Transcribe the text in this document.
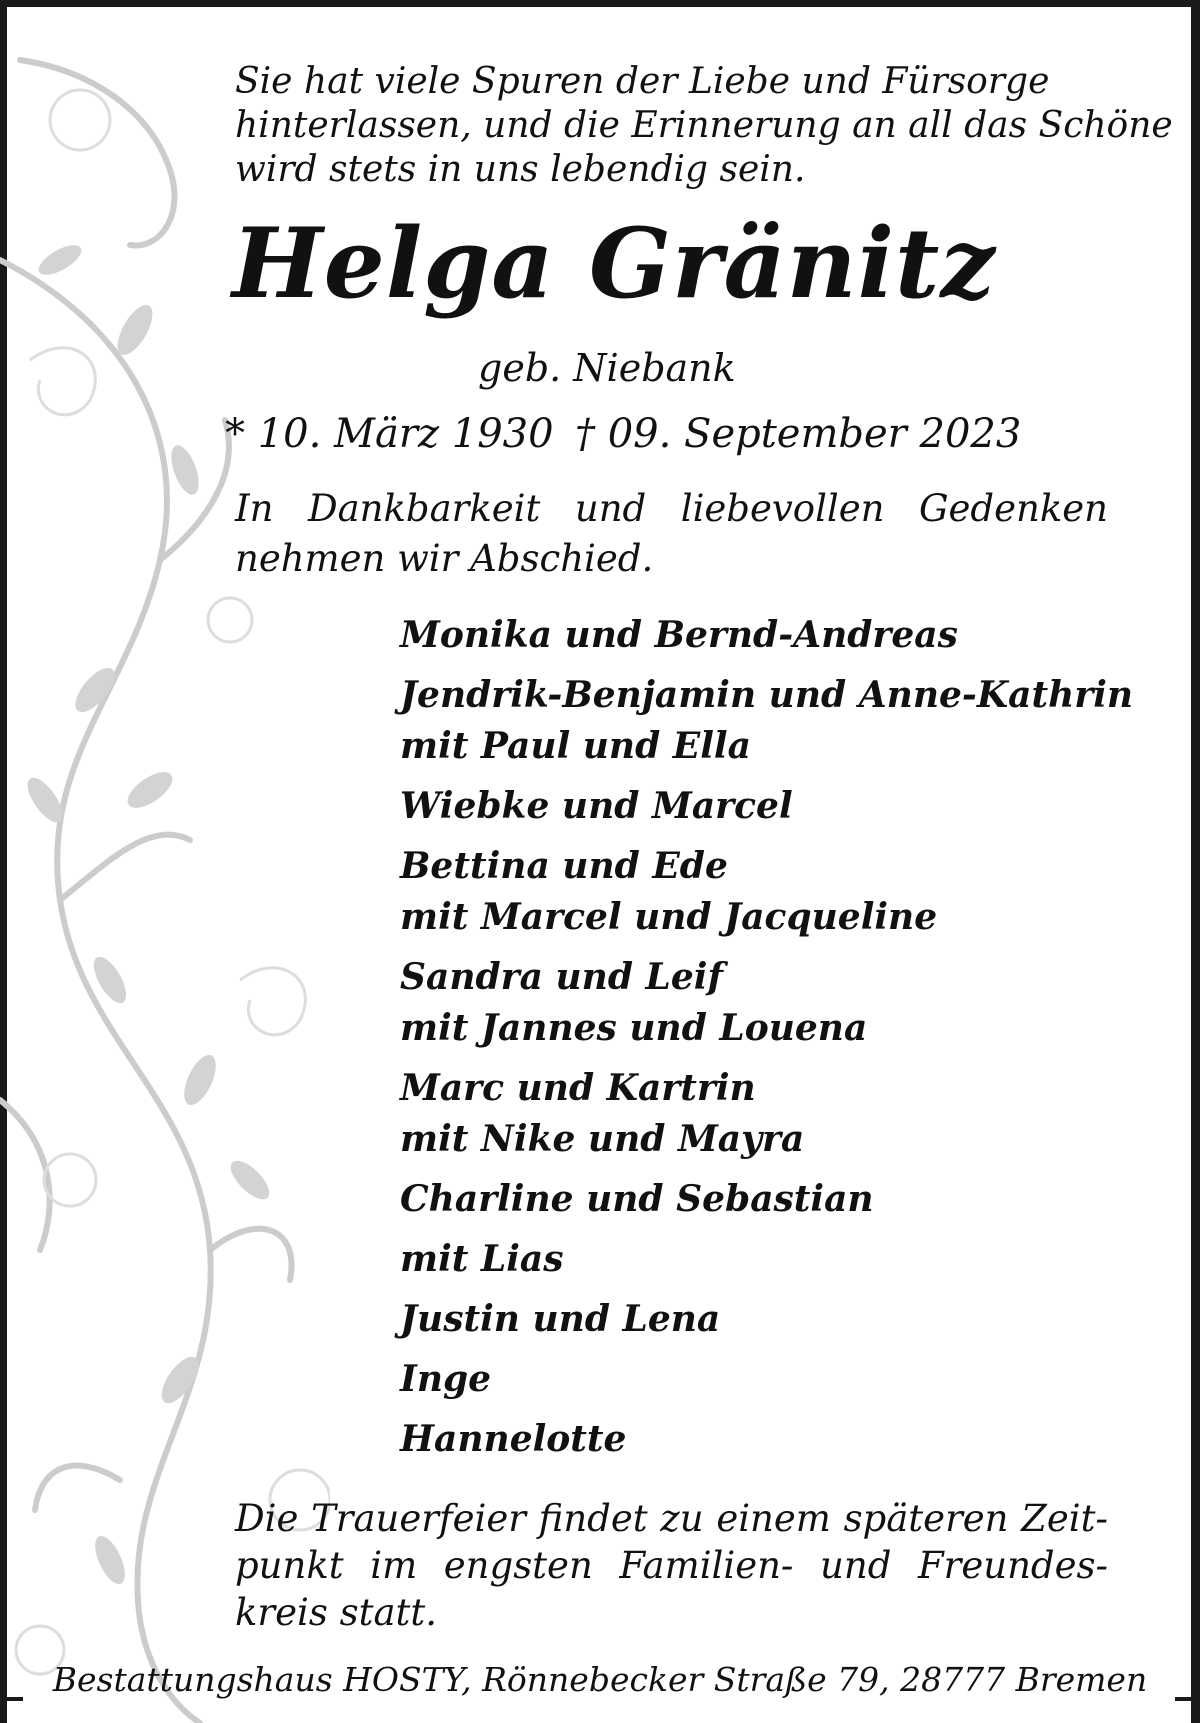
Sie hat viele Spuren der Liebe und Fürsorge
hinterlassen, und die Erinnerung an all das Schöne
wird stets in uns lebendig sein.
Helga Gränitz
geb. Niebank
* 10. März 1930 † 09. September 2023
In Dankbarkeit und liebevollen Gedenken
nehmen wir Abschied.
Monika und Bernd-Andreas
Jendrik-Benjamin und Anne-Kathrin
mit Paul und Ella
Wiebke und Marcel
Bettina und Ede
mit Marcel und Jacqueline
Sandra und Leif
mit Jannes und Louena
Marc und Kartrin
mit Nike und Mayra
Charline und Sebastian
mit Lias
Justin und Lena
Inge
Hannelotte
Die Trauerfeier findet zu einem späteren Zeit-
punkt im engsten Familien- und Freundes-
kreis statt.
Bestattungshaus HOSTY, Rönnebecker Straße 79, 28777 Bremen
